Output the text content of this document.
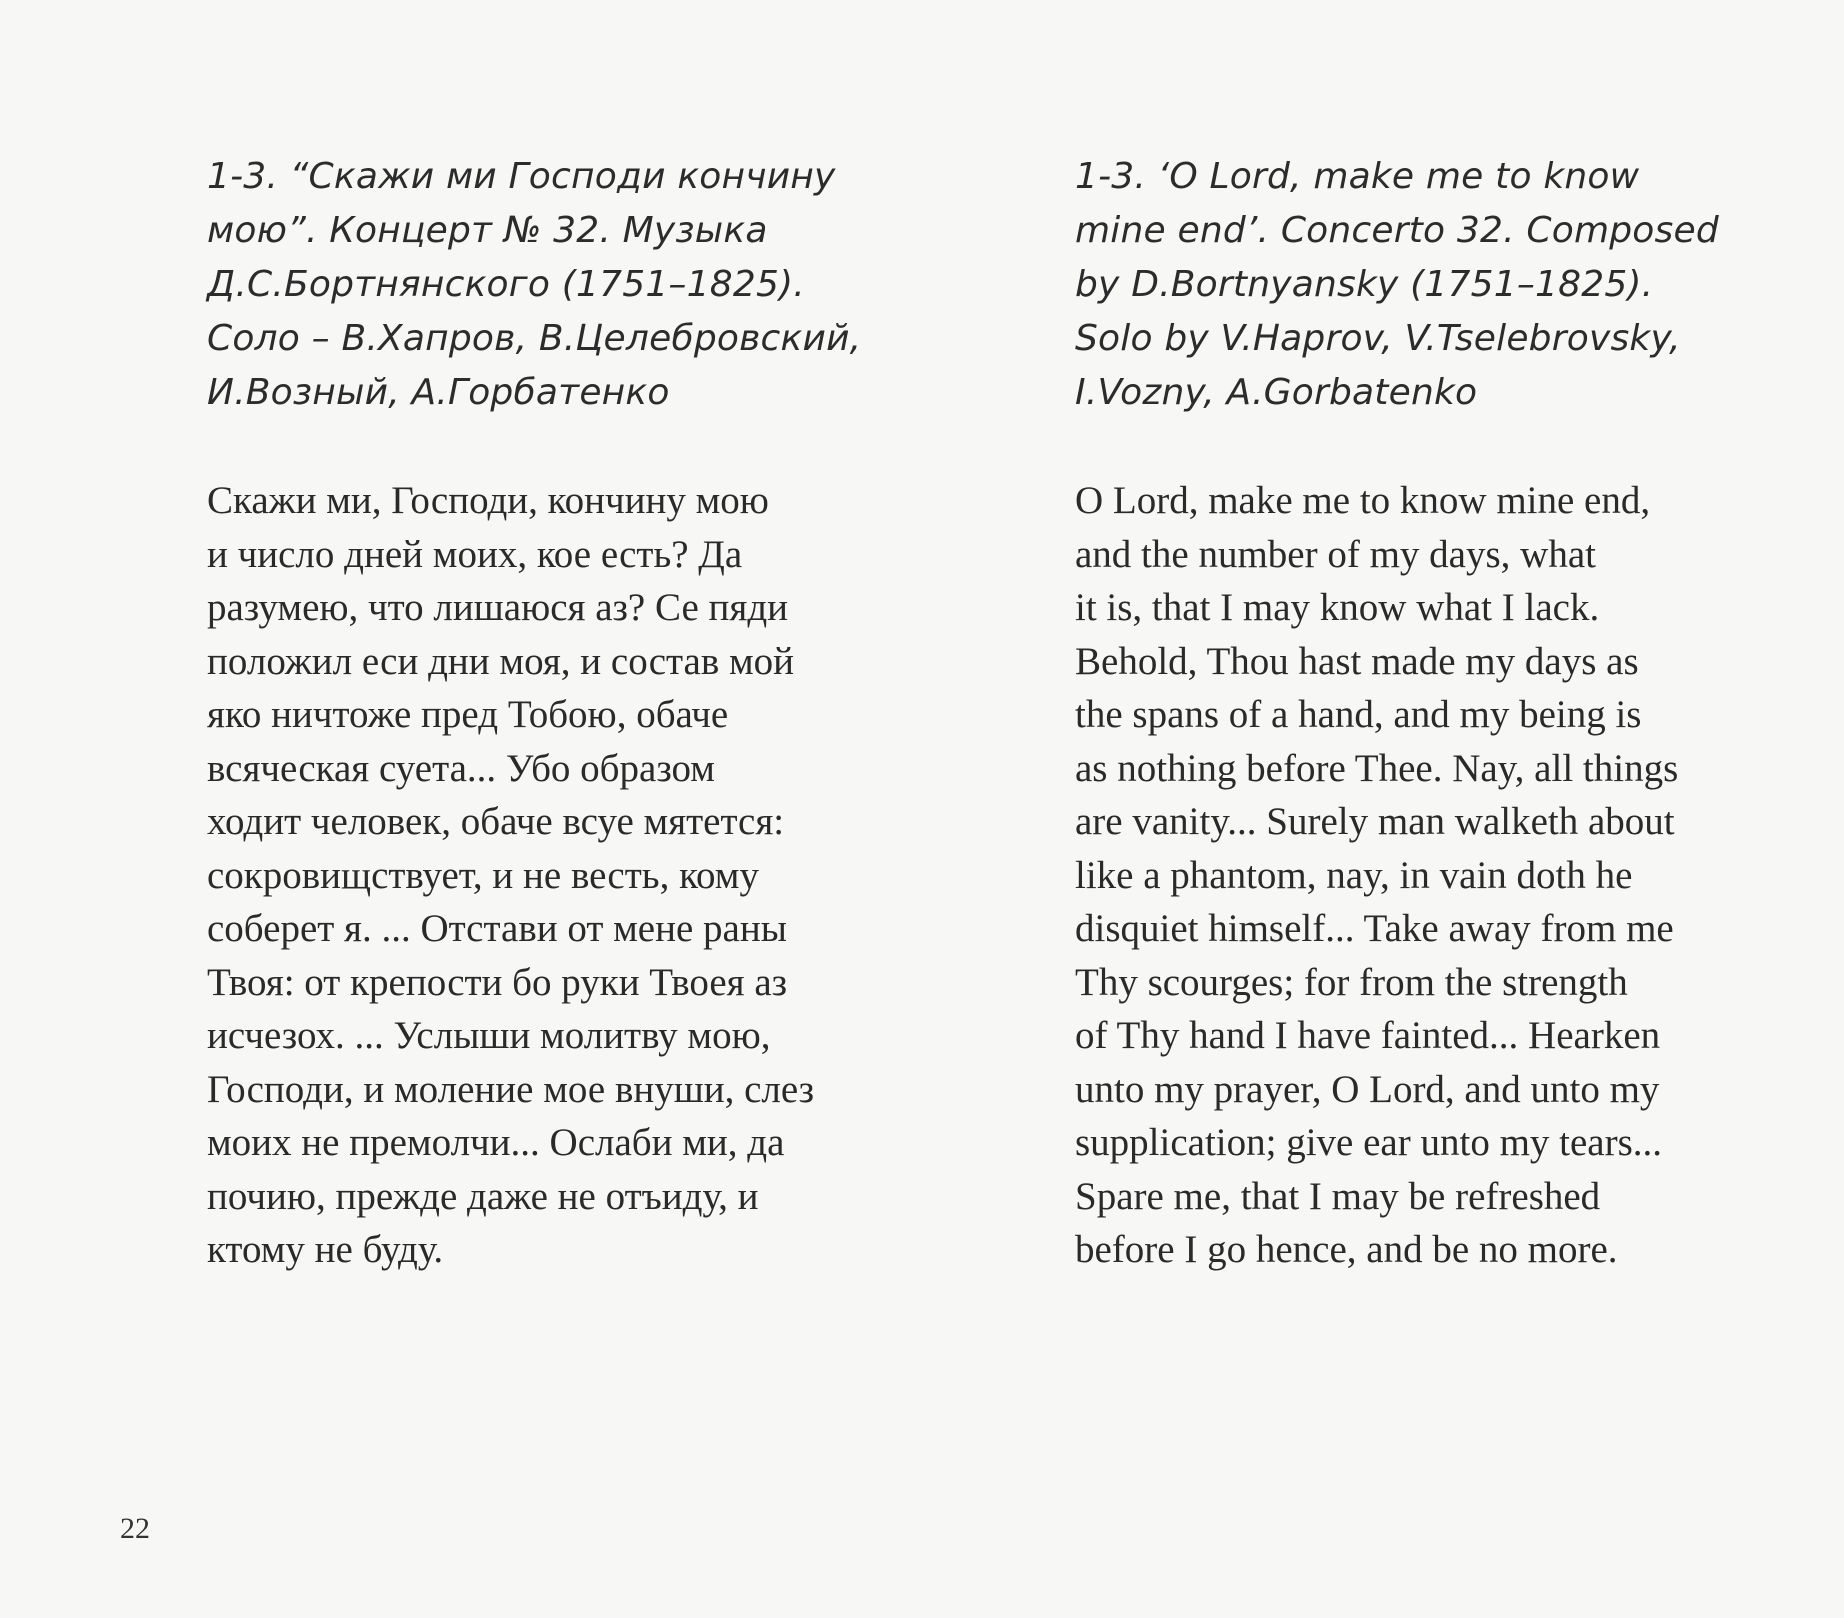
1-3. “Скажи ми Господи кончину
мою”. Концерт № 32. Музыка
Д.С.Бортнянского (1751–1825).
Соло – В.Хапров, В.Целебровский,
И.Возный, А.Горбатенко

Скажи ми, Господи, кончину мою
и число дней моих, кое есть? Да
разумею, что лишаюся аз? Се пяди
положил еси дни моя, и состав мой
яко ничтоже пред Тобою, обаче
всяческая суета... Убо образом
ходит человек, обаче всуе мятется:
сокровищствует, и не весть, кому
соберет я. ... Отстави от мене раны
Твоя: от крепости бо руки Твоея аз
исчезох. ... Услыши молитву мою,
Господи, и моление мое внуши, слез
моих не премолчи... Ослаби ми, да
почию, прежде даже не отъиду, и
ктому не буду.

1-3. ‘O Lord, make me to know
mine end’. Concerto 32. Composed
by D.Bortnyansky (1751–1825).
Solo by V.Haprov, V.Tselebrovsky,
I.Vozny, A.Gorbatenko

O Lord, make me to know mine end,
and the number of my days, what
it is, that I may know what I lack.
Behold, Thou hast made my days as
the spans of a hand, and my being is
as nothing before Thee. Nay, all things
are vanity... Surely man walketh about
like a phantom, nay, in vain doth he
disquiet himself... Take away from me
Thy scourges; for from the strength
of Thy hand I have fainted... Hearken
unto my prayer, O Lord, and unto my
supplication; give ear unto my tears...
Spare me, that I may be refreshed
before I go hence, and be no more.

22
